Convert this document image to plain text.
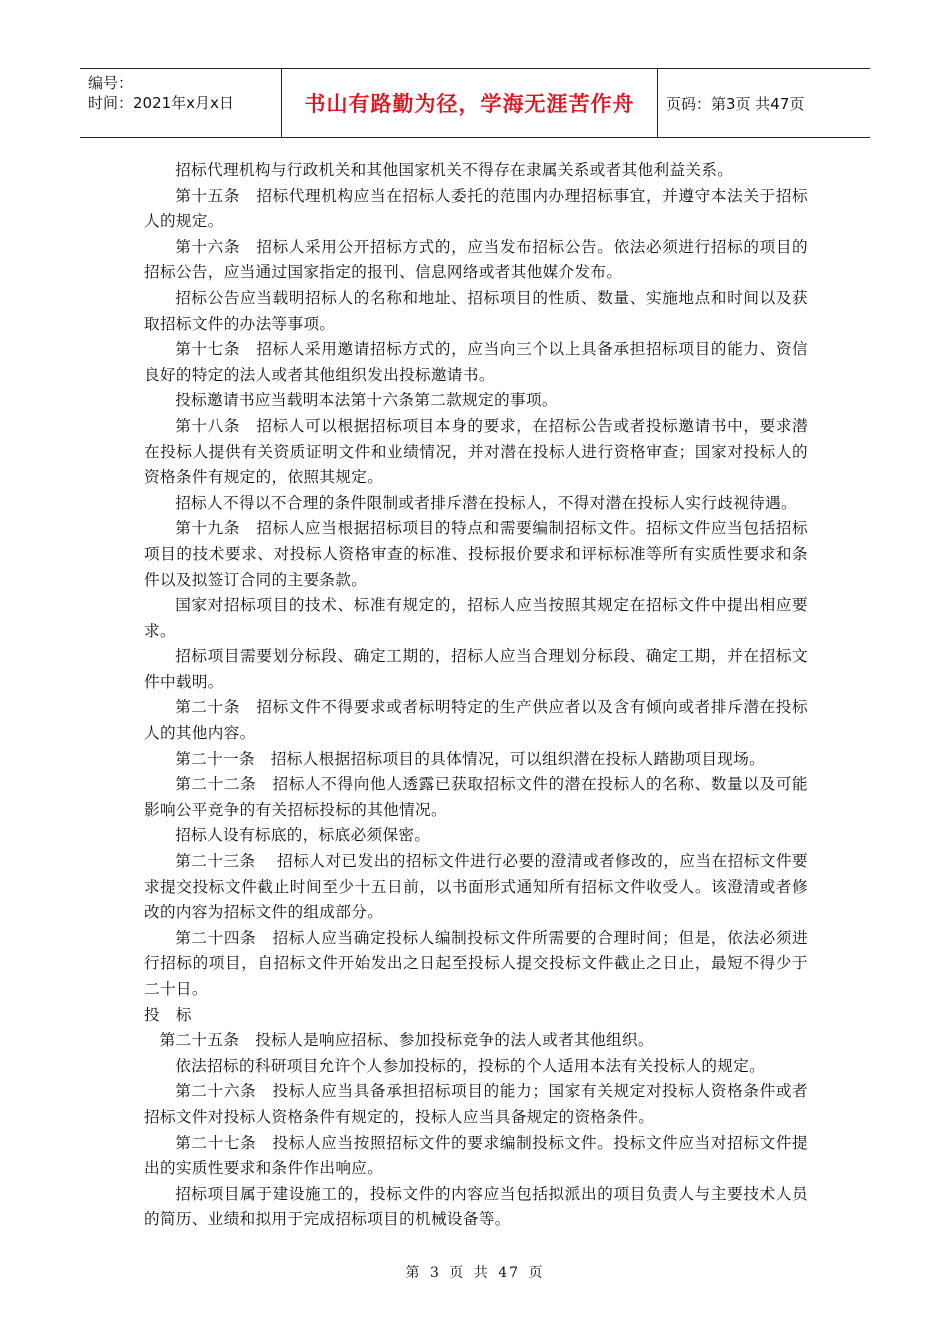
编号：
时间：2021年x月x日	书山有路勤为径，学海无涯苦作舟	页码：第3页 共47页

招标代理机构与行政机关和其他国家机关不得存在隶属关系或者其他利益关系。

第十五条　招标代理机构应当在招标人委托的范围内办理招标事宜，并遵守本法关于招标人的规定。

第十六条　招标人采用公开招标方式的，应当发布招标公告。依法必须进行招标的项目的招标公告，应当通过国家指定的报刊、信息网络或者其他媒介发布。

招标公告应当载明招标人的名称和地址、招标项目的性质、数量、实施地点和时间以及获取招标文件的办法等事项。

第十七条　招标人采用邀请招标方式的，应当向三个以上具备承担招标项目的能力、资信良好的特定的法人或者其他组织发出投标邀请书。

投标邀请书应当载明本法第十六条第二款规定的事项。

第十八条　招标人可以根据招标项目本身的要求，在招标公告或者投标邀请书中，要求潜在投标人提供有关资质证明文件和业绩情况，并对潜在投标人进行资格审查；国家对投标人的资格条件有规定的，依照其规定。

招标人不得以不合理的条件限制或者排斥潜在投标人，不得对潜在投标人实行歧视待遇。

第十九条　招标人应当根据招标项目的特点和需要编制招标文件。招标文件应当包括招标项目的技术要求、对投标人资格审查的标准、投标报价要求和评标标准等所有实质性要求和条件以及拟签订合同的主要条款。

国家对招标项目的技术、标准有规定的，招标人应当按照其规定在招标文件中提出相应要求。

招标项目需要划分标段、确定工期的，招标人应当合理划分标段、确定工期，并在招标文件中载明。

第二十条　招标文件不得要求或者标明特定的生产供应者以及含有倾向或者排斥潜在投标人的其他内容。

第二十一条　招标人根据招标项目的具体情况，可以组织潜在投标人踏勘项目现场。

第二十二条　招标人不得向他人透露已获取招标文件的潜在投标人的名称、数量以及可能影响公平竞争的有关招标投标的其他情况。

招标人设有标底的，标底必须保密。

第二十三条　 招标人对已发出的招标文件进行必要的澄清或者修改的，应当在招标文件要求提交投标文件截止时间至少十五日前，以书面形式通知所有招标文件收受人。该澄清或者修改的内容为招标文件的组成部分。

第二十四条　招标人应当确定投标人编制投标文件所需要的合理时间；但是，依法必须进行招标的项目，自招标文件开始发出之日起至投标人提交投标文件截止之日止，最短不得少于二十日。

投　标

第二十五条　投标人是响应招标、参加投标竞争的法人或者其他组织。

依法招标的科研项目允许个人参加投标的，投标的个人适用本法有关投标人的规定。

第二十六条　投标人应当具备承担招标项目的能力；国家有关规定对投标人资格条件或者招标文件对投标人资格条件有规定的，投标人应当具备规定的资格条件。

第二十七条　投标人应当按照招标文件的要求编制投标文件。投标文件应当对招标文件提出的实质性要求和条件作出响应。

招标项目属于建设施工的，投标文件的内容应当包括拟派出的项目负责人与主要技术人员的简历、业绩和拟用于完成招标项目的机械设备等。

第 3 页 共 47 页
